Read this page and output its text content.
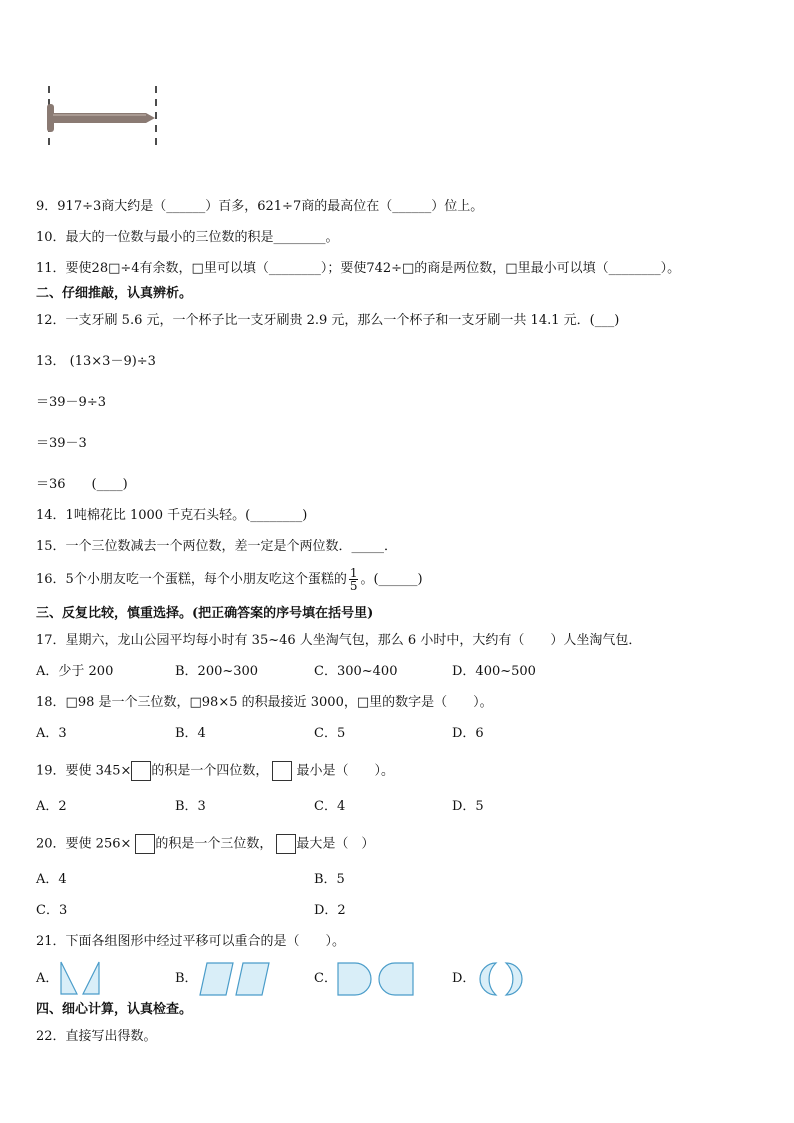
9．917÷3商大约是（______）百多，621÷7商的最高位在（______）位上。
10．最大的一位数与最小的三位数的积是________。
11．要使28□÷4有余数，□里可以填（________）；要使742÷□的商是两位数，□里最小可以填（________）。
二、仔细推敲，认真辨析。
12．一支牙刷 5.6 元，一个杯子比一支牙刷贵 2.9 元，那么一个杯子和一支牙刷一共 14.1 元．(___)
13． (13×3－9)÷3
＝39－9÷3
＝39－3
＝36　　(____)
14．1吨棉花比 1000 千克石头轻。(________)
15．一个三位数减去一个两位数，差一定是个两位数．_____．
16．5个小朋友吃一个蛋糕，每个小朋友吃这个蛋糕的 $\frac{1}{5}$ 。(______)
三、反复比较，慎重选择。(把正确答案的序号填在括号里)
17．星期六，龙山公园平均每小时有 35~46 人坐淘气包，那么 6 小时中，大约有（　　）人坐淘气包．
A．少于 200	B．200~300	C．300~400	D．400~500
18．□98 是一个三位数，□98×5 的积最接近 3000，□里的数字是（　　）。
A．3	B．4	C．5	D．6
19．要使 345× 的积是一个四位数， 最小是（　　）。
A．2	B．3	C．4	D．5
20．要使 256× 的积是一个三位数， 最大是（　）
A．4	B．5
C．3	D．2
21．下面各组图形中经过平移可以重合的是（　　）。
A．	B．	C．	D．
四、细心计算，认真检查。
22．直接写出得数。
